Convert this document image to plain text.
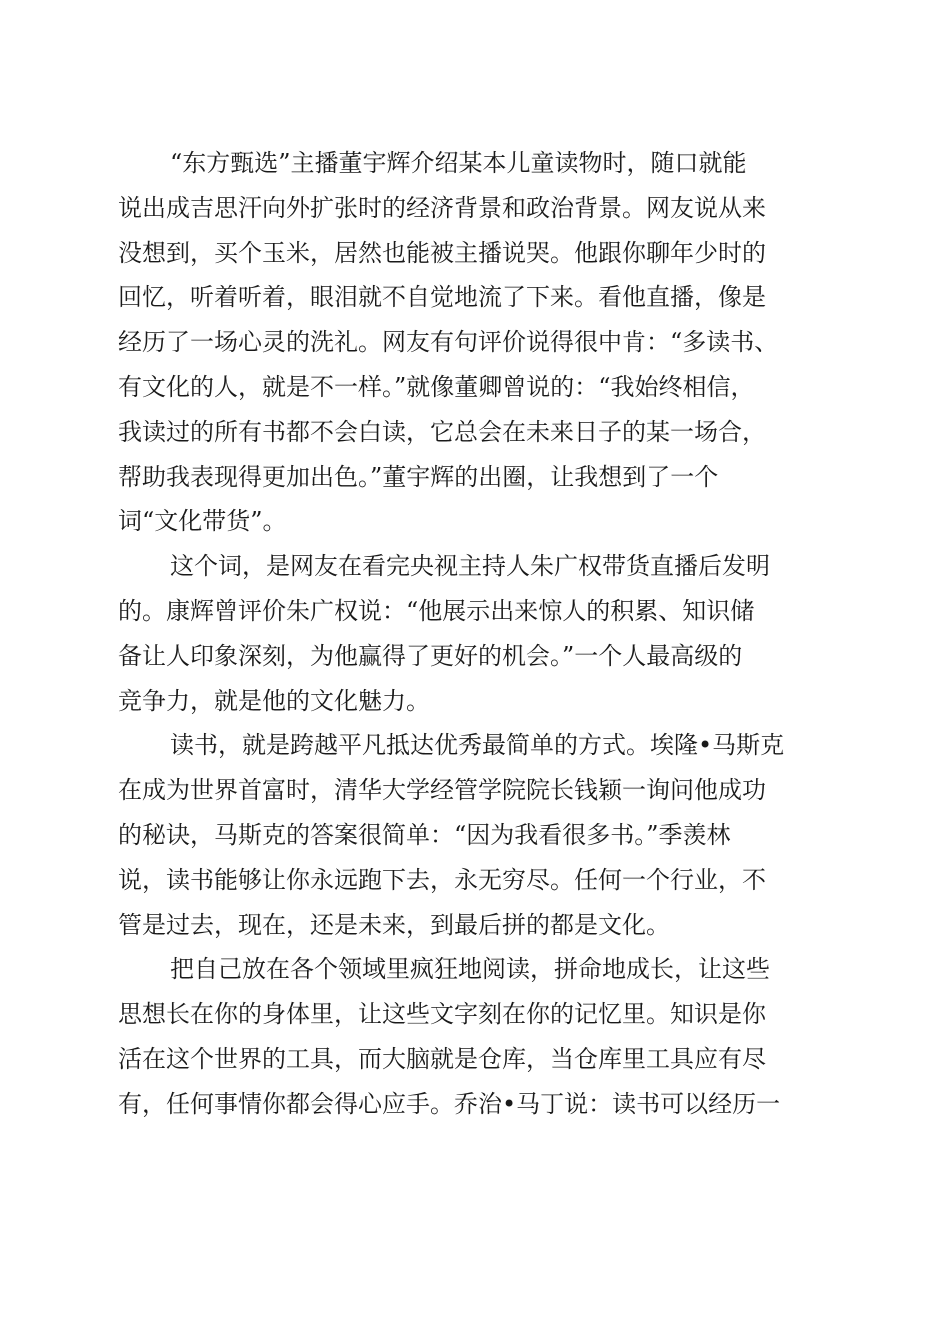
“东方甄选”主播董宇辉介绍某本儿童读物时，随口就能
说出成吉思汗向外扩张时的经济背景和政治背景。网友说从来
没想到，买个玉米，居然也能被主播说哭。他跟你聊年少时的
回忆，听着听着，眼泪就不自觉地流了下来。看他直播，像是
经历了一场心灵的洗礼。网友有句评价说得很中肯：“多读书、
有文化的人，就是不一样。”就像董卿曾说的：“我始终相信，
我读过的所有书都不会白读，它总会在未来日子的某一场合，
帮助我表现得更加出色。”董宇辉的出圈，让我想到了一个
词“文化带货”。
这个词，是网友在看完央视主持人朱广权带货直播后发明
的。康辉曾评价朱广权说：“他展示出来惊人的积累、知识储
备让人印象深刻，为他赢得了更好的机会。”一个人最高级的
竞争力，就是他的文化魅力。
读书，就是跨越平凡抵达优秀最简单的方式。埃隆•马斯克
在成为世界首富时，清华大学经管学院院长钱颖一询问他成功
的秘诀，马斯克的答案很简单：“因为我看很多书。”季羡林
说，读书能够让你永远跑下去，永无穷尽。任何一个行业，不
管是过去，现在，还是未来，到最后拼的都是文化。
把自己放在各个领域里疯狂地阅读，拼命地成长，让这些
思想长在你的身体里，让这些文字刻在你的记忆里。知识是你
活在这个世界的工具，而大脑就是仓库，当仓库里工具应有尽
有，任何事情你都会得心应手。乔治•马丁说：读书可以经历一
